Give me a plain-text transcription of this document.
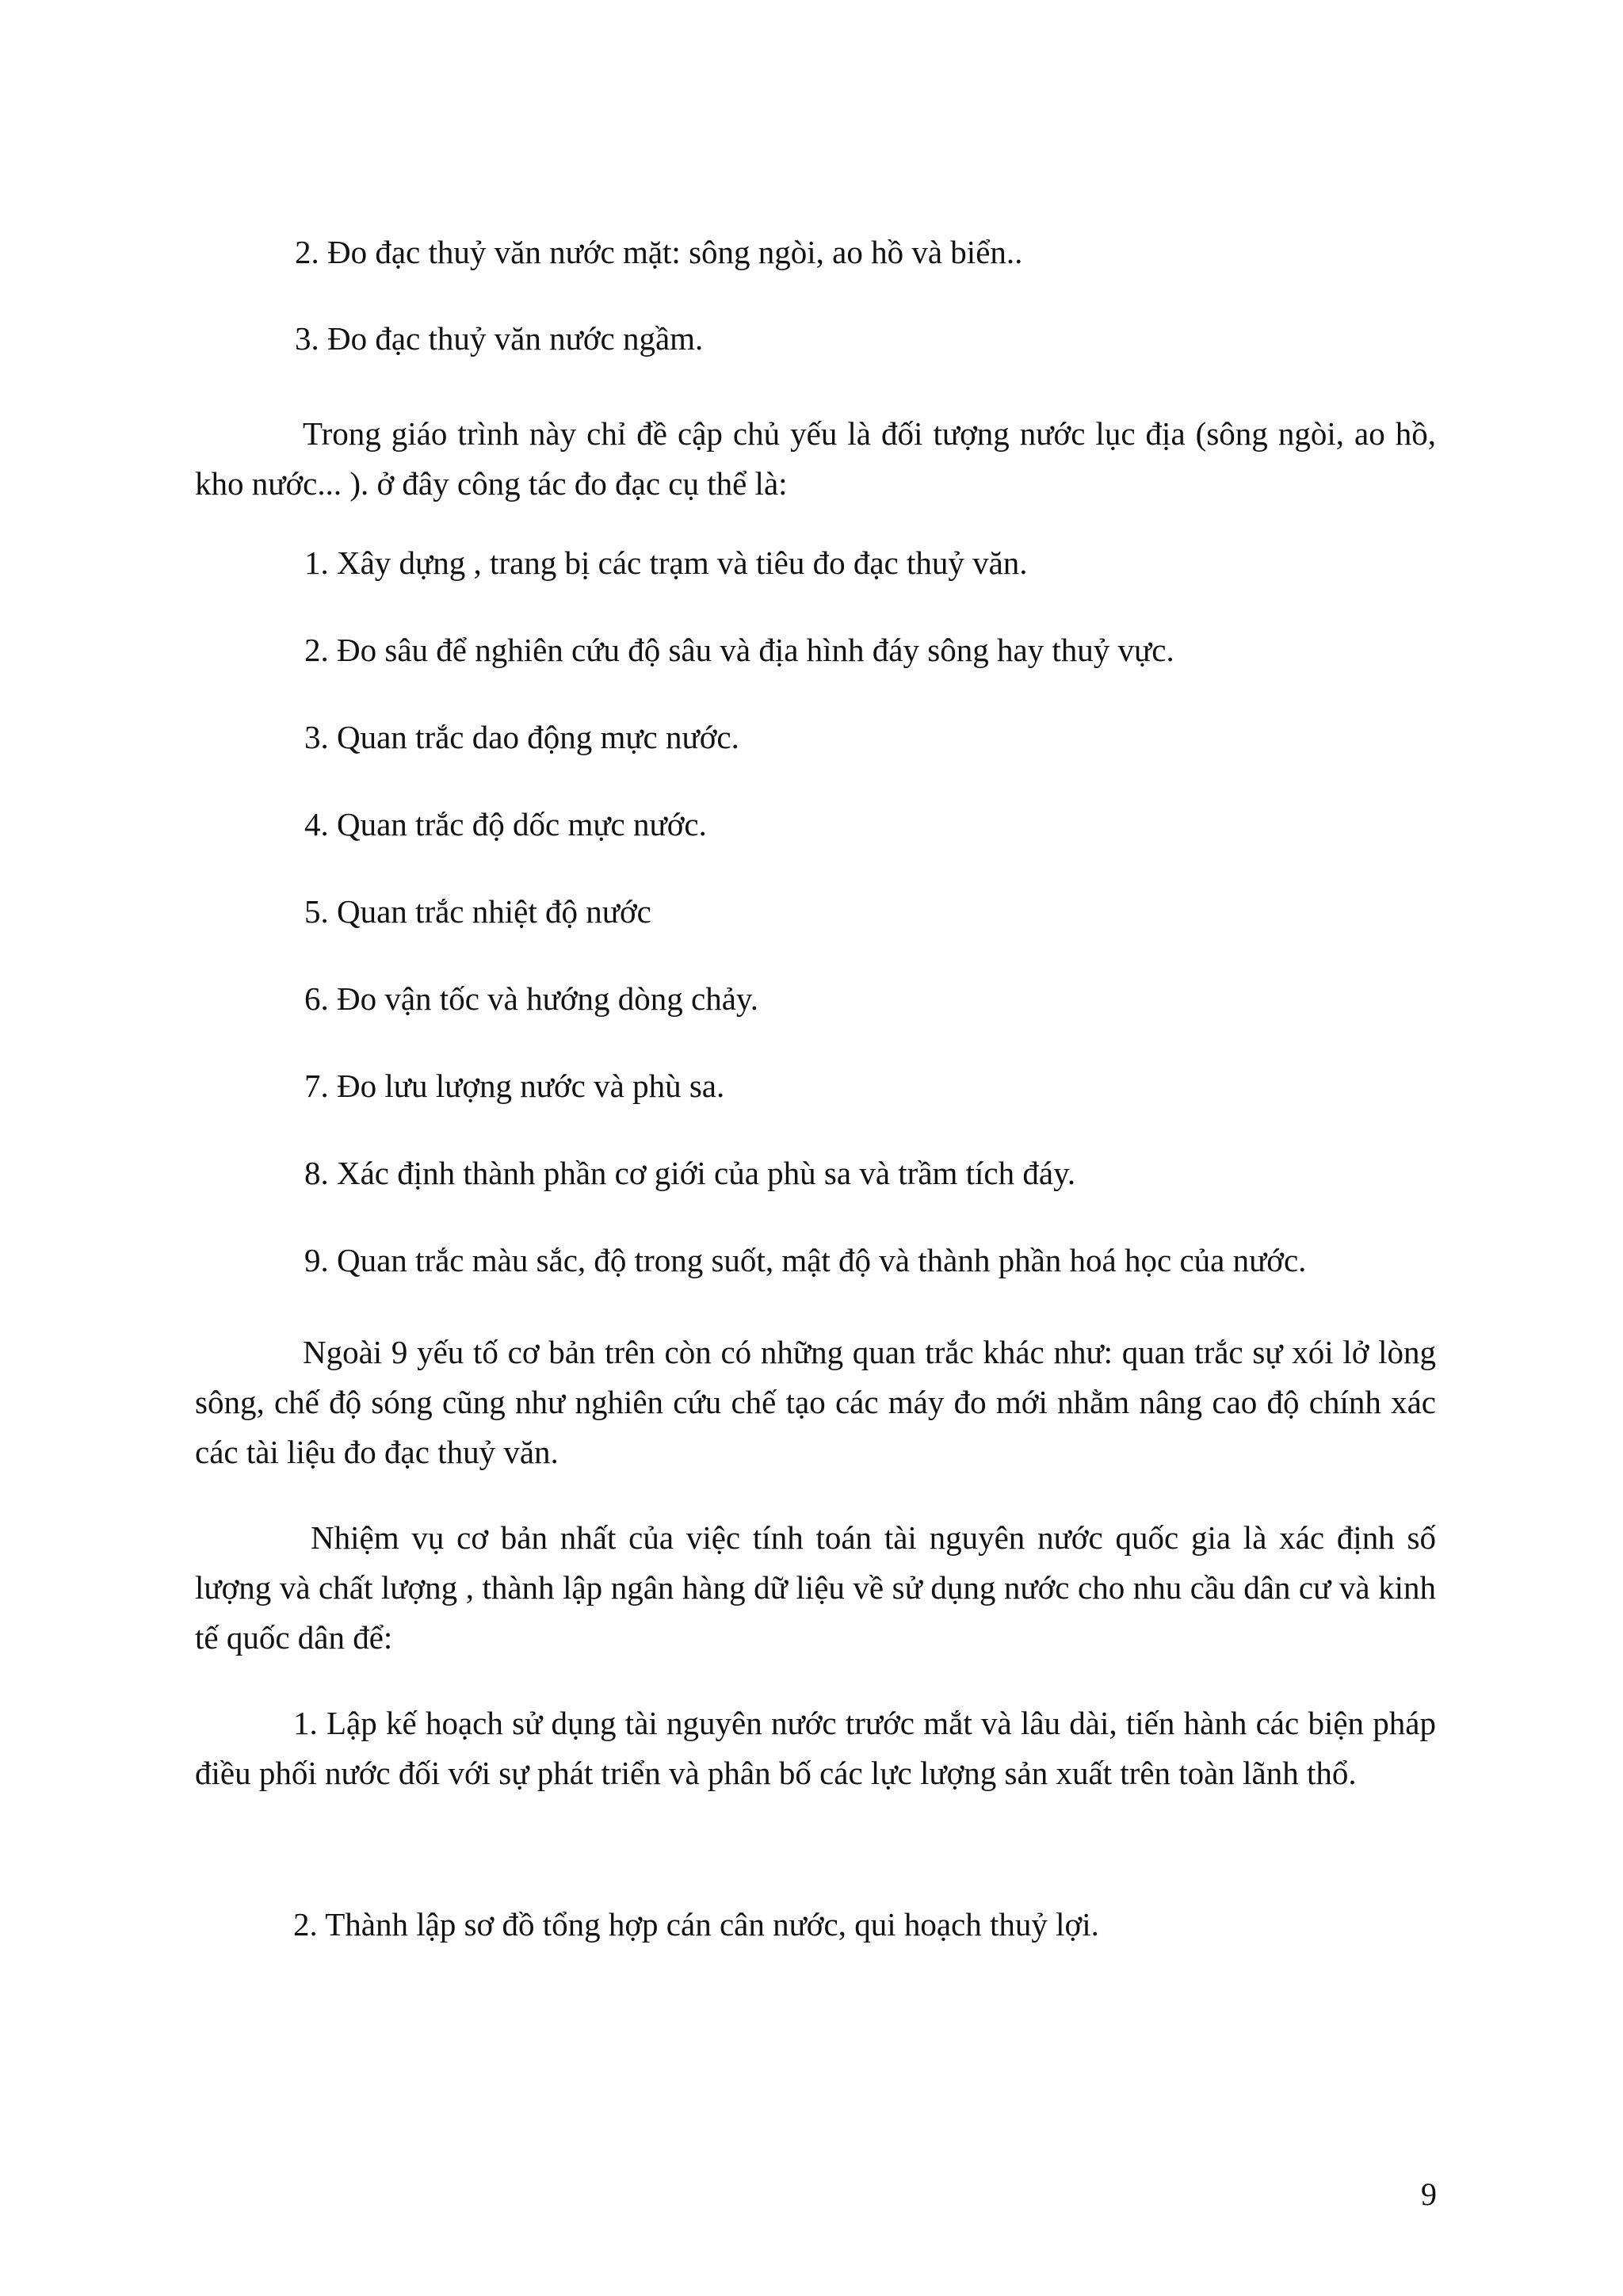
2. Đo đạc thuỷ văn nước mặt: sông ngòi, ao hồ và biển..

3. Đo đạc thuỷ văn nước ngầm.

Trong giáo trình này chỉ đề cập chủ yếu là đối tượng nước lục địa (sông ngòi, ao hồ, kho nước... ). ở đây công tác đo đạc cụ thể là:

1. Xây dựng , trang bị các trạm và tiêu đo đạc thuỷ văn.

2. Đo sâu để nghiên cứu độ sâu và địa hình đáy sông hay thuỷ vực.

3. Quan trắc dao động mực nước.

4. Quan trắc độ dốc mực nước.

5. Quan trắc nhiệt độ nước

6. Đo vận tốc và hướng dòng chảy.

7. Đo lưu lượng nước và phù sa.

8. Xác định thành phần cơ giới của phù sa và trầm tích đáy.

9. Quan trắc màu sắc, độ trong suốt, mật độ và thành phần hoá học của nước.

Ngoài 9 yếu tố cơ bản trên còn có những quan trắc khác như: quan trắc sự xói lở lòng sông, chế độ sóng cũng như nghiên cứu chế tạo các máy đo mới nhằm nâng cao độ chính xác các tài liệu đo đạc thuỷ văn.

Nhiệm vụ cơ bản nhất của việc tính toán tài nguyên nước quốc gia là xác định số lượng và chất lượng , thành lập ngân hàng dữ liệu về sử dụng nước cho nhu cầu dân cư và kinh tế quốc dân để:

1. Lập kế hoạch sử dụng tài nguyên nước trước mắt và lâu dài, tiến hành các biện pháp điều phối nước đối với sự phát triển và phân bố các lực lượng sản xuất trên toàn lãnh thổ.

2. Thành lập sơ đồ tổng hợp cán cân nước, qui hoạch thuỷ lợi.

9
